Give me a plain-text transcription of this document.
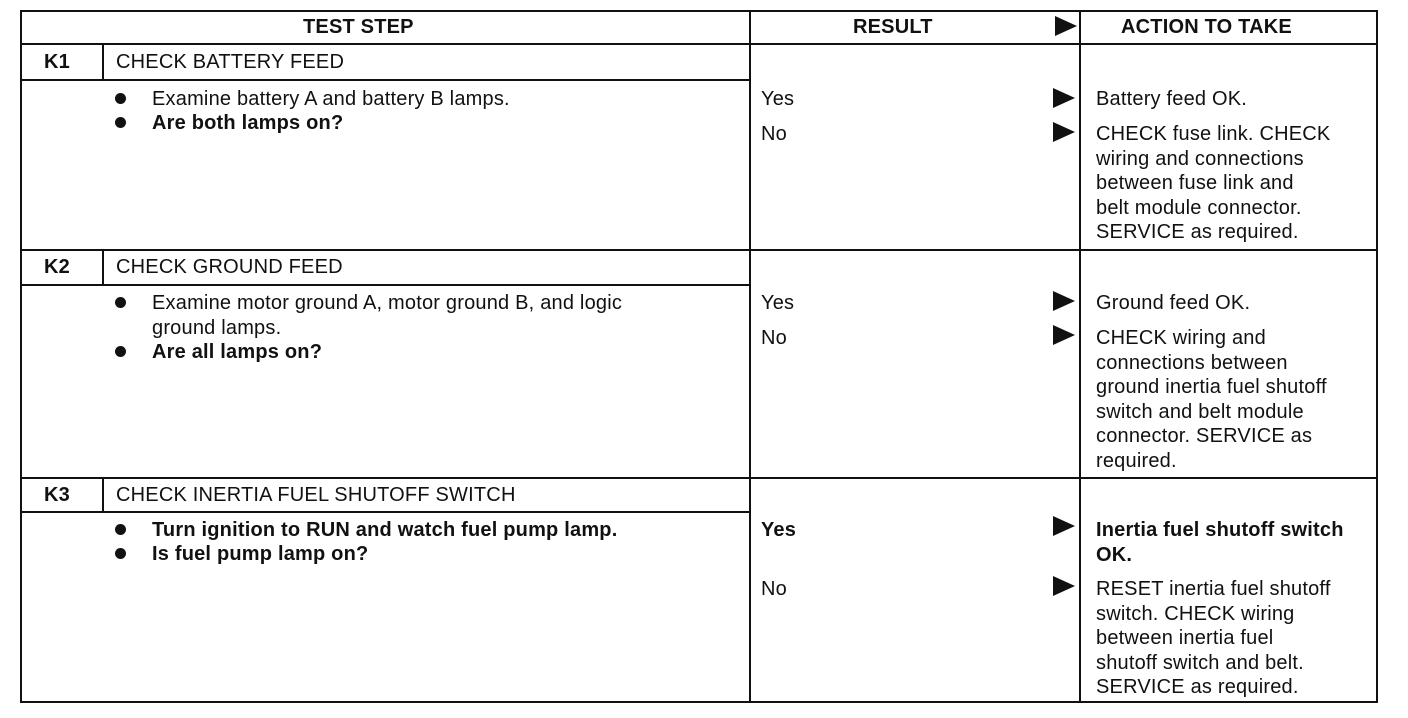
TEST STEP	RESULT	ACTION TO TAKE
K1 CHECK BATTERY FEED
Examine battery A and battery B lamps.
Are both lamps on?
Yes	Battery feed OK.
No	CHECK fuse link. CHECK
wiring and connections
between fuse link and
belt module connector.
SERVICE as required.
K2 CHECK GROUND FEED
Examine motor ground A, motor ground B, and logic
ground lamps.
Are all lamps on?
Yes	Ground feed OK.
No	CHECK wiring and
connections between
ground inertia fuel shutoff
switch and belt module
connector. SERVICE as
required.
K3 CHECK INERTIA FUEL SHUTOFF SWITCH
Turn ignition to RUN and watch fuel pump lamp.
Is fuel pump lamp on?
Yes	Inertia fuel shutoff switch
OK.
No	RESET inertia fuel shutoff
switch. CHECK wiring
between inertia fuel
shutoff switch and belt.
SERVICE as required.
